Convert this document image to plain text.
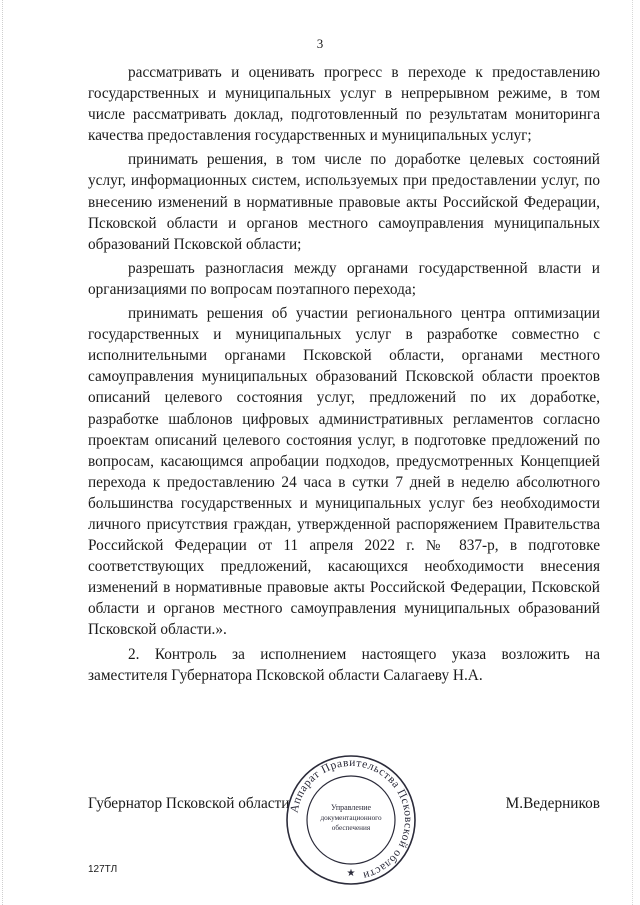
3

рассматривать и оценивать прогресс в переходе к предоставлению государственных и муниципальных услуг в непрерывном режиме, в том числе рассматривать доклад, подготовленный по результатам мониторинга качества предоставления государственных и муниципальных услуг;

принимать решения, в том числе по доработке целевых состояний услуг, информационных систем, используемых при предоставлении услуг, по внесению изменений в нормативные правовые акты Российской Федерации, Псковской области и органов местного самоуправления муниципальных образований Псковской области;

разрешать разногласия между органами государственной власти и организациями по вопросам поэтапного перехода;

принимать решения об участии регионального центра оптимизации государственных и муниципальных услуг в разработке совместно с исполнительными органами Псковской области, органами местного самоуправления муниципальных образований Псковской области проектов описаний целевого состояния услуг, предложений по их доработке, разработке шаблонов цифровых административных регламентов согласно проектам описаний целевого состояния услуг, в подготовке предложений по вопросам, касающимся апробации подходов, предусмотренных Концепцией перехода к предоставлению 24 часа в сутки 7 дней в неделю абсолютного большинства государственных и муниципальных услуг без необходимости личного присутствия граждан, утвержденной распоряжением Правительства Российской Федерации от 11 апреля 2022 г. № 837-р, в подготовке соответствующих предложений, касающихся необходимости внесения изменений в нормативные правовые акты Российской Федерации, Псковской области и органов местного самоуправления муниципальных образований Псковской области.».

2. Контроль за исполнением настоящего указа возложить на заместителя Губернатора Псковской области Салагаеву Н.А.

Губернатор Псковской области	М.Ведерников
Аппарат Правительства Псковской области
Управление
документационного
обеспечения
★
127ТЛ
